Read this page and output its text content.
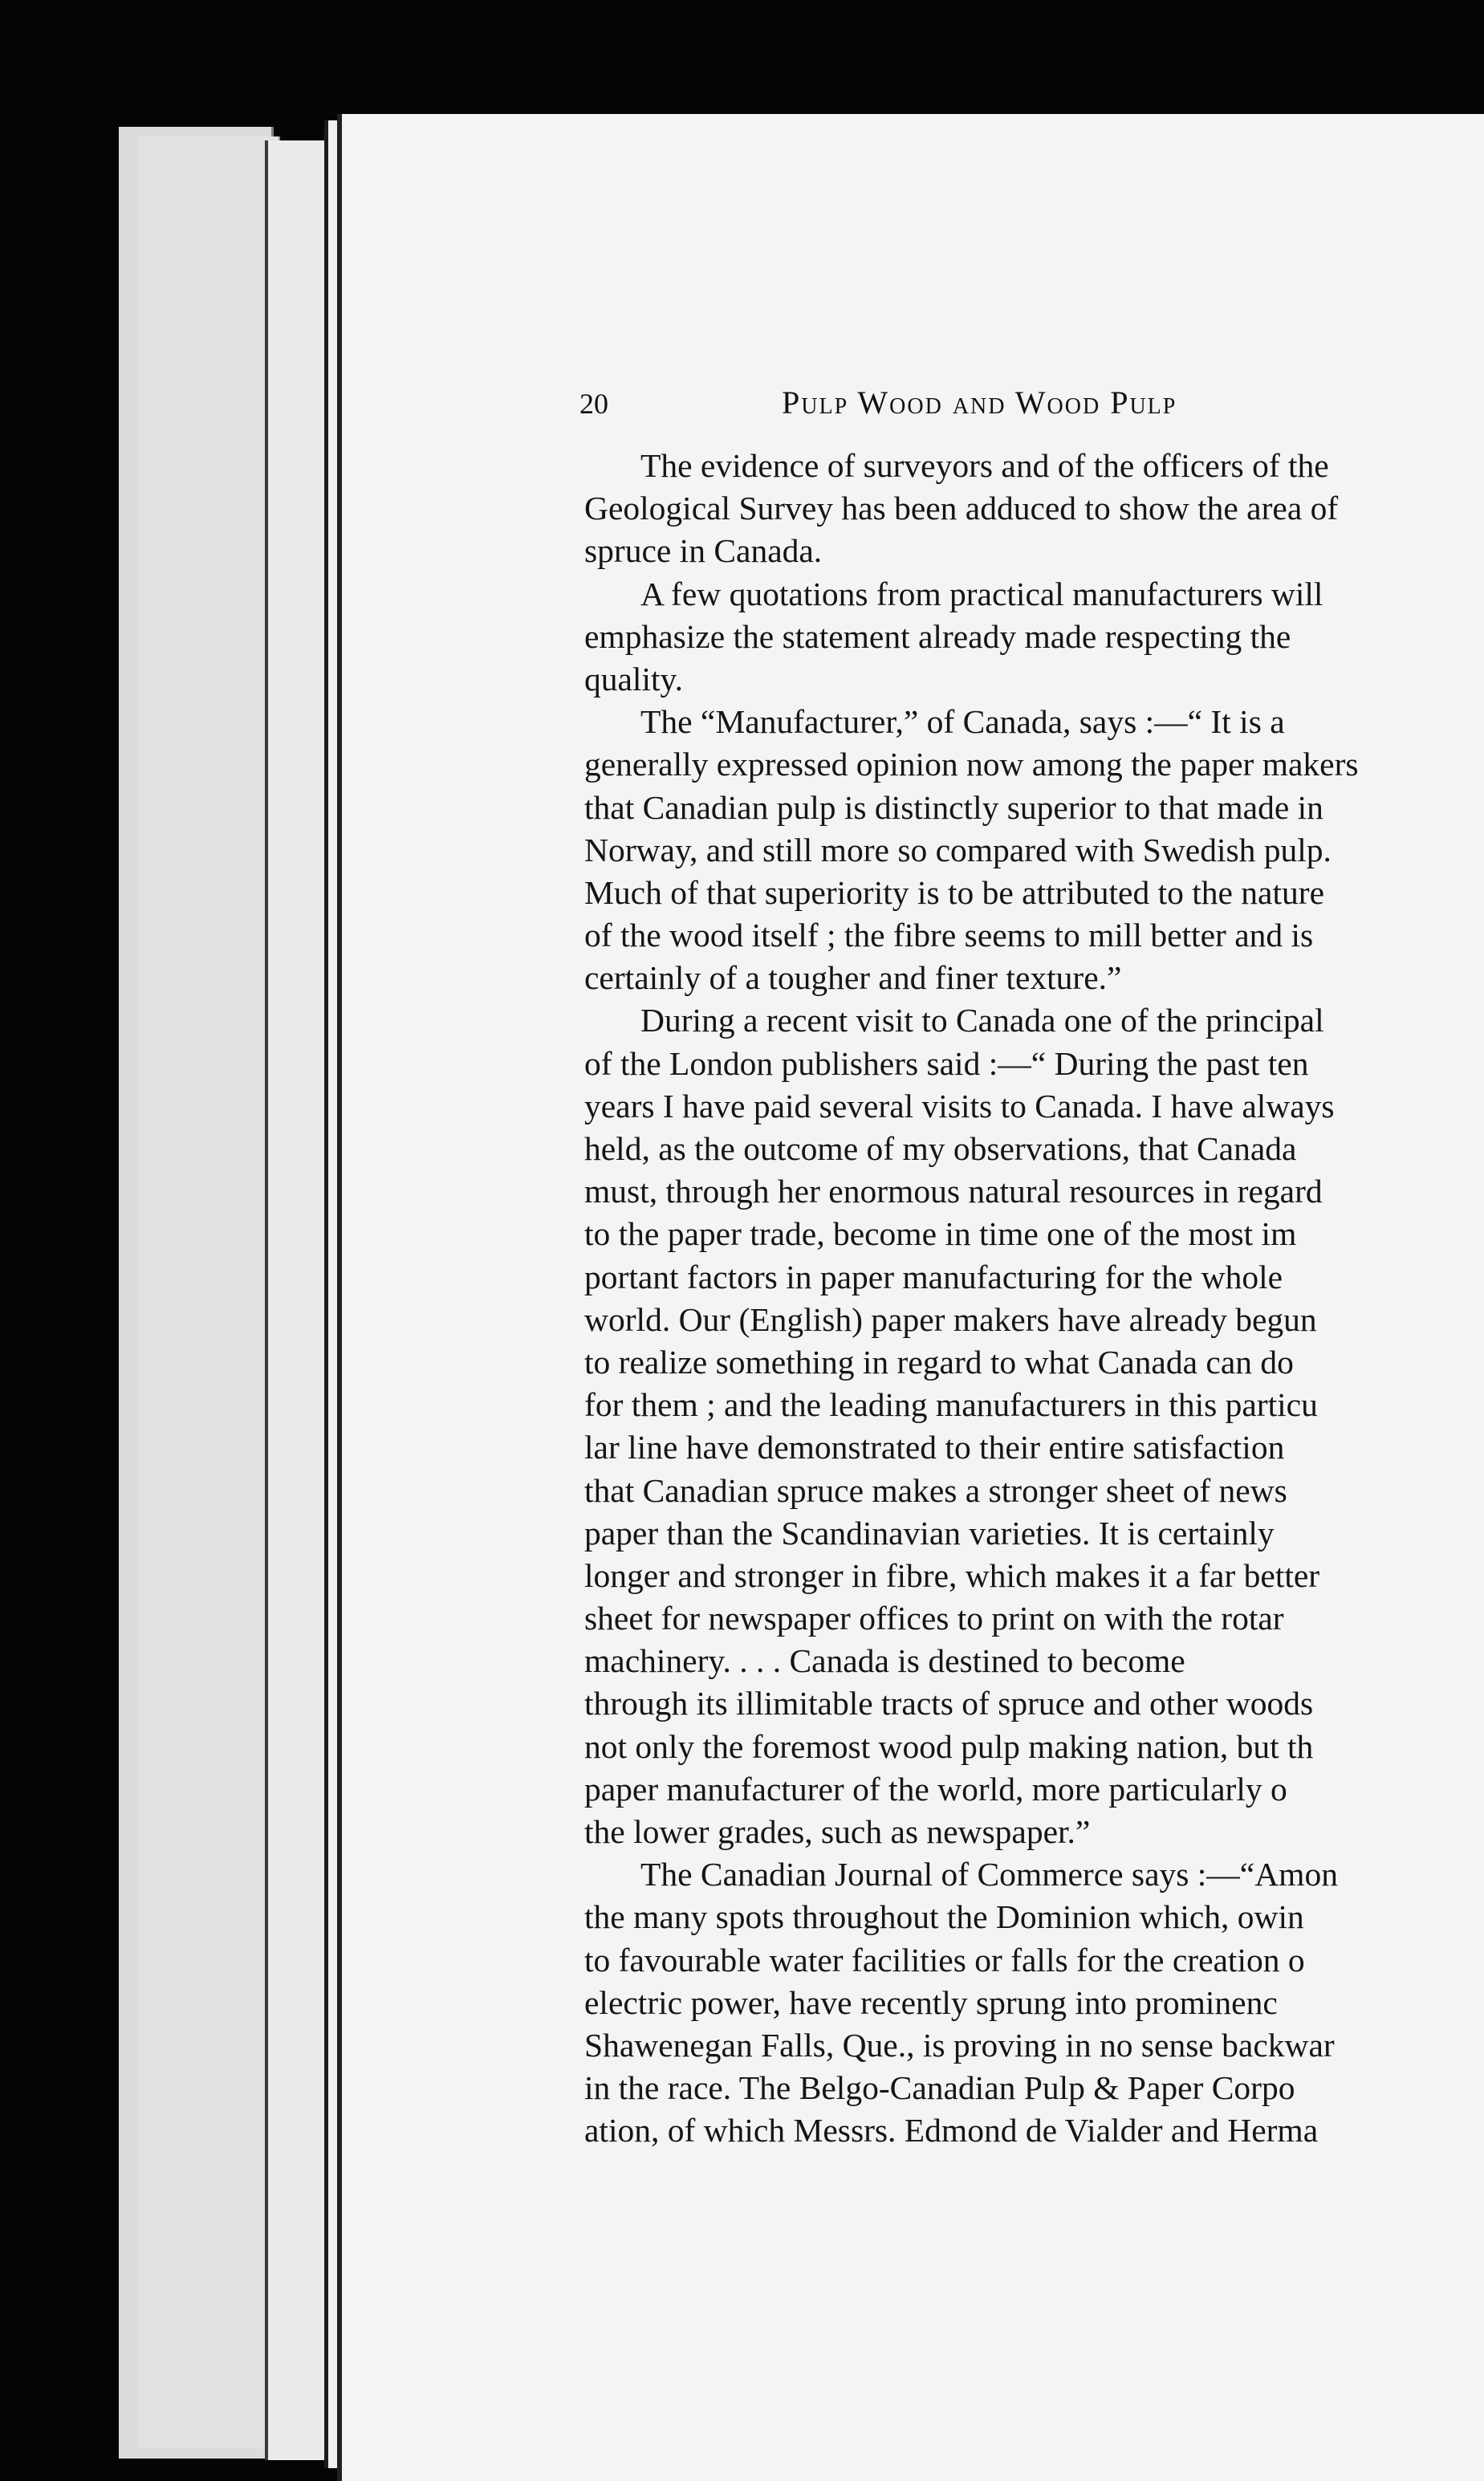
20	Pulp Wood and Wood Pulp
The evidence of surveyors and of the officers of the
Geological Survey has been adduced to show the area of
spruce in Canada.
A few quotations from practical manufacturers will
emphasize the statement already made respecting the
quality.
The “Manufacturer,” of Canada, says :—“ It is a
generally expressed opinion now among the paper makers
that Canadian pulp is distinctly superior to that made in
Norway, and still more so compared with Swedish pulp.
Much of that superiority is to be attributed to the nature
of the wood itself ; the fibre seems to mill better and is
certainly of a tougher and finer texture.”
During a recent visit to Canada one of the principal
of the London publishers said :—“ During the past ten
years I have paid several visits to Canada. I have always
held, as the outcome of my observations, that Canada
must, through her enormous natural resources in regard
to the paper trade, become in time one of the most im
portant factors in paper manufacturing for the whole
world. Our (English) paper makers have already begun
to realize something in regard to what Canada can do
for them ; and the leading manufacturers in this particu
lar line have demonstrated to their entire satisfaction
that Canadian spruce makes a stronger sheet of news
paper than the Scandinavian varieties. It is certainly
longer and stronger in fibre, which makes it a far better
sheet for newspaper offices to print on with the rotar
machinery. . . . Canada is destined to become
through its illimitable tracts of spruce and other woods
not only the foremost wood pulp making nation, but th
paper manufacturer of the world, more particularly o
the lower grades, such as newspaper.”
The Canadian Journal of Commerce says :—“Amon
the many spots throughout the Dominion which, owin
to favourable water facilities or falls for the creation o
electric power, have recently sprung into prominenc
Shawenegan Falls, Que., is proving in no sense backwar
in the race. The Belgo-Canadian Pulp & Paper Corpo
ation, of which Messrs. Edmond de Vialder and Herma
